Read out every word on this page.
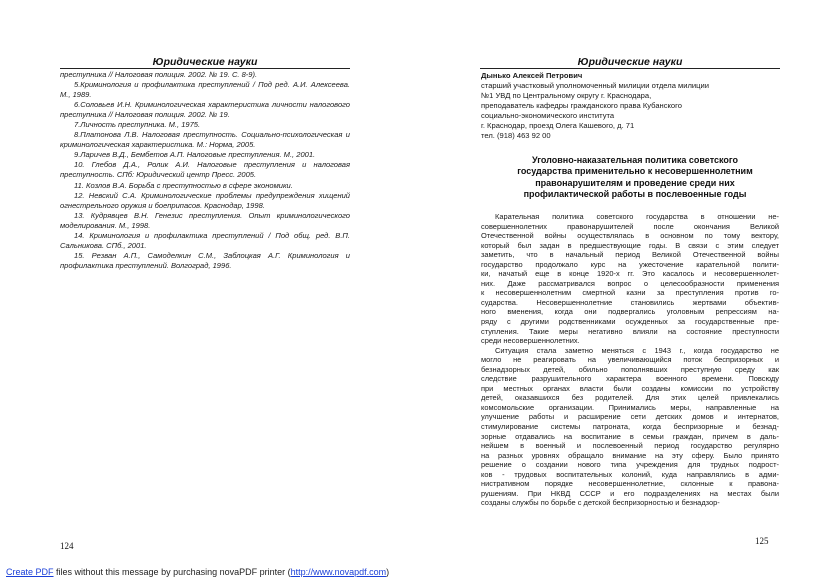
Юридические науки

преступника // Налоговая полиция. 2002. № 19. С. 8-9).

5.Криминология и профилактика преступлений / Под ред. А.И. Алексеева. М., 1989.

6.Соловьев И.Н. Криминологическая характеристика личности налогового преступника // Налоговая полиция. 2002. № 19.

7.Личность преступника. М., 1975.

8.Платонова Л.В. Налоговая преступность. Социально-психологическая и криминологическая характеристика. М.: Норма, 2005.

9.Ларичев В.Д., Бембетов А.П. Налоговые преступления. М., 2001.

10. Глебов Д.А., Ролик А.И. Налоговые преступления и налоговая преступность. СПб: Юридический центр Пресс. 2005.

11. Козлов В.А. Борьба с преступностью в сфере экономики.

12. Невский С.А. Криминологические проблемы предупреждения хищений огнестрельного оружия и боеприпасов. Краснодар, 1998.

13. Кудрявцев В.Н. Генезис преступления. Опыт криминологического моделирования. М., 1998.

14. Криминология и профилактика преступлений / Под общ. ред. В.П. Сальникова. СПб., 2001.

15. Резван А.П., Самоделкин С.М., Заблоцкая А.Г. Криминология и профилактика преступлений. Волгоград, 1996.

124
Юридические науки
Дынько Алексей Петрович
старший участковый уполномоченный милиции отдела милиции
№1 УВД по Центральному округу г. Краснодара,
преподаватель кафедры гражданского права Кубанского
социально-экономического института
г. Краснодар, проезд Олега Кашевого, д. 71
тел. (918) 463 92 00
Уголовно-наказательная политика советского
государства применительно к несовершеннолетним
правонарушителям и проведение среди них
профилактической работы в послевоенные годы
Карательная политика советского государства в отношении не-
совершеннолетних правонарушителей после окончания Великой
Отечественной войны осуществлялась в основном по тому вектору,
который был задан в предшествующие годы. В связи с этим следует
заметить, что в начальный период Великой Отечественной войны
государство продолжало курс на ужесточение карательной полити-
ки, начатый еще в конце 1920-х гг. Это касалось и несовершеннолет-
них. Даже рассматривался вопрос о целесообразности применения
к несовершеннолетним смертной казни за преступления против го-
сударства. Несовершеннолетние становились жертвами объектив-
ного вменения, когда они подвергались уголовным репрессиям на-
ряду с другими родственниками осужденных за государственные пре-
ступления. Такие меры негативно влияли на состояние преступности
среди несовершеннолетних.
Ситуация стала заметно меняться с 1943 г., когда государство не
могло не реагировать на увеличивающийся поток беспризорных и
безнадзорных детей, обильно пополнявших преступную среду как
следствие разрушительного характера военного времени. Повсюду
при местных органах власти были созданы комиссии по устройству
детей, оказавшихся без родителей. Для этих целей привлекались
комсомольские организации. Принимались меры, направленные на
улучшение работы и расширение сети детских домов и интернатов,
стимулирование системы патроната, когда беспризорные и безнад-
зорные отдавались на воспитание в семьи граждан, причем в даль-
нейшем в военный и послевоенный период государство регулярно
на разных уровнях обращало внимание на эту сферу. Было принято
решение о создании нового типа учреждения для трудных подрост-
ков - трудовых воспитательных колоний, куда направлялись в адми-
нистративном порядке несовершеннолетние, склонные к правона-
рушениям. При НКВД СССР и его подразделениях на местах были
созданы службы по борьбе с детской беспризорностью и безнадзор-
125
Create PDF files without this message by purchasing novaPDF printer (http://www.novapdf.com)
